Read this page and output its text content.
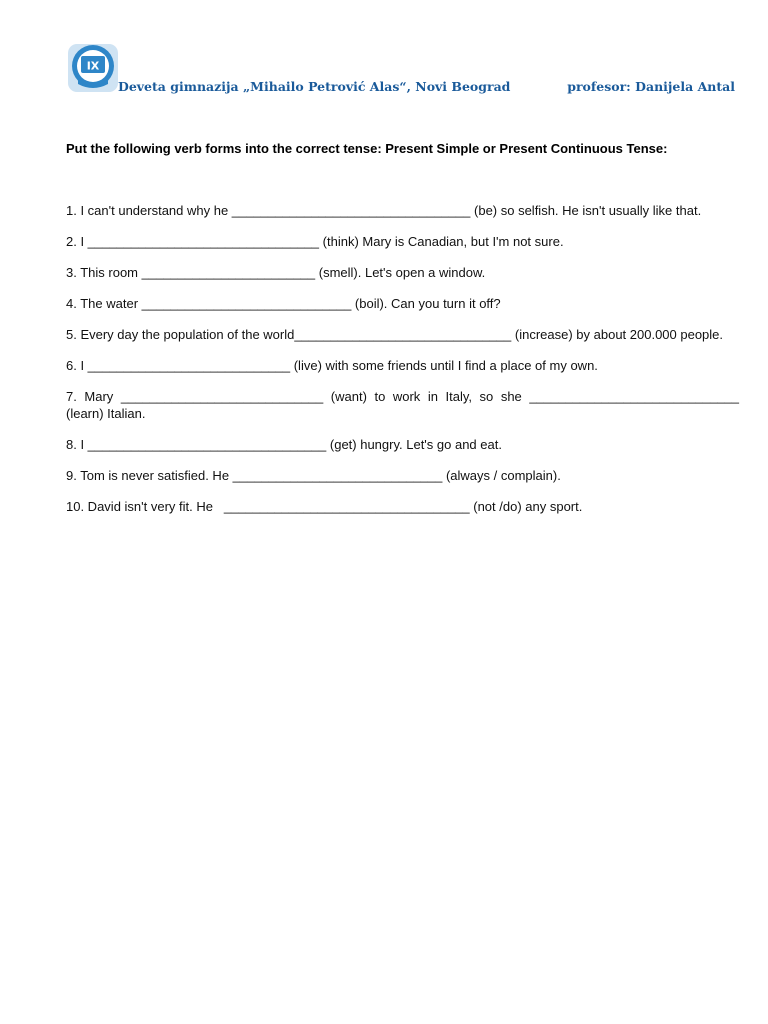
IX
Deveta gimnazija „Mihailo Petrović Alas“, Novi Beograd	profesor: Danijela Antal
Put the following verb forms into the correct tense: Present Simple or Present Continuous Tense:

1. I can't understand why he _________________________________ (be) so selfish. He isn't usually like that.

2. I ________________________________ (think) Mary is Canadian, but I'm not sure.

3. This room ________________________ (smell). Let's open a window.

4. The water _____________________________ (boil). Can you turn it off?

5. Every day the population of the world______________________________ (increase) by about 200.000 people.

6. I ____________________________ (live) with some friends until I find a place of my own.

7. Mary ____________________________ (want) to work in Italy, so she _____________________________ (learn) Italian.

8. I _________________________________ (get) hungry. Let's go and eat.

9. Tom is never satisfied. He _____________________________ (always / complain).

10. David isn't very fit. He   __________________________________ (not /do) any sport.
